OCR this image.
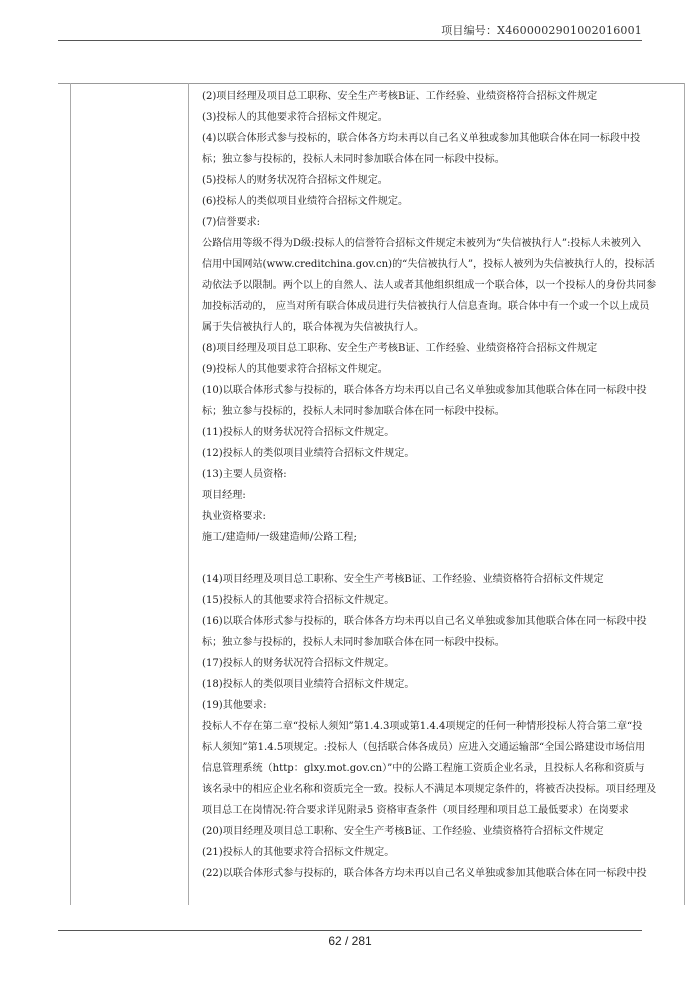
项目编号：X4600002901002016001

(2)项目经理及项目总工职称、安全生产考核B证、工作经验、业绩资格符合招标文件规定

(3)投标人的其他要求符合招标文件规定。

(4)以联合体形式参与投标的，联合体各方均未再以自己名义单独或参加其他联合体在同一标段中投

标；独立参与投标的，投标人未同时参加联合体在同一标段中投标。

(5)投标人的财务状况符合招标文件规定。

(6)投标人的类似项目业绩符合招标文件规定。

(7)信誉要求:

公路信用等级不得为D级:投标人的信誉符合招标文件规定未被列为“失信被执行人”:投标人未被列入

信用中国网站(www.creditchina.gov.cn)的“失信被执行人”，投标人被列为失信被执行人的，投标活

动依法予以限制。两个以上的自然人、法人或者其他组织组成一个联合体，以一个投标人的身份共同参

加投标活动的， 应当对所有联合体成员进行失信被执行人信息查询。联合体中有一个或一个以上成员

属于失信被执行人的，联合体视为失信被执行人。

(8)项目经理及项目总工职称、安全生产考核B证、工作经验、业绩资格符合招标文件规定

(9)投标人的其他要求符合招标文件规定。

(10)以联合体形式参与投标的，联合体各方均未再以自己名义单独或参加其他联合体在同一标段中投

标；独立参与投标的，投标人未同时参加联合体在同一标段中投标。

(11)投标人的财务状况符合招标文件规定。

(12)投标人的类似项目业绩符合招标文件规定。

(13)主要人员资格:

项目经理:

执业资格要求:

施工/建造师/一级建造师/公路工程;

(14)项目经理及项目总工职称、安全生产考核B证、工作经验、业绩资格符合招标文件规定

(15)投标人的其他要求符合招标文件规定。

(16)以联合体形式参与投标的，联合体各方均未再以自己名义单独或参加其他联合体在同一标段中投

标；独立参与投标的，投标人未同时参加联合体在同一标段中投标。

(17)投标人的财务状况符合招标文件规定。

(18)投标人的类似项目业绩符合招标文件规定。

(19)其他要求:

投标人不存在第二章“投标人须知”第1.4.3项或第1.4.4项规定的任何一种情形投标人符合第二章“投

标人须知”第1.4.5项规定。:投标人（包括联合体各成员）应进入交通运输部“全国公路建设市场信用

信息管理系统（http：glxy.mot.gov.cn）”中的公路工程施工资质企业名录，且投标人名称和资质与

该名录中的相应企业名称和资质完全一致。投标人不满足本项规定条件的，将被否决投标。项目经理及

项目总工在岗情况:符合要求详见附录5 资格审查条件（项目经理和项目总工最低要求）在岗要求

(20)项目经理及项目总工职称、安全生产考核B证、工作经验、业绩资格符合招标文件规定

(21)投标人的其他要求符合招标文件规定。

(22)以联合体形式参与投标的，联合体各方均未再以自己名义单独或参加其他联合体在同一标段中投

62 / 281
